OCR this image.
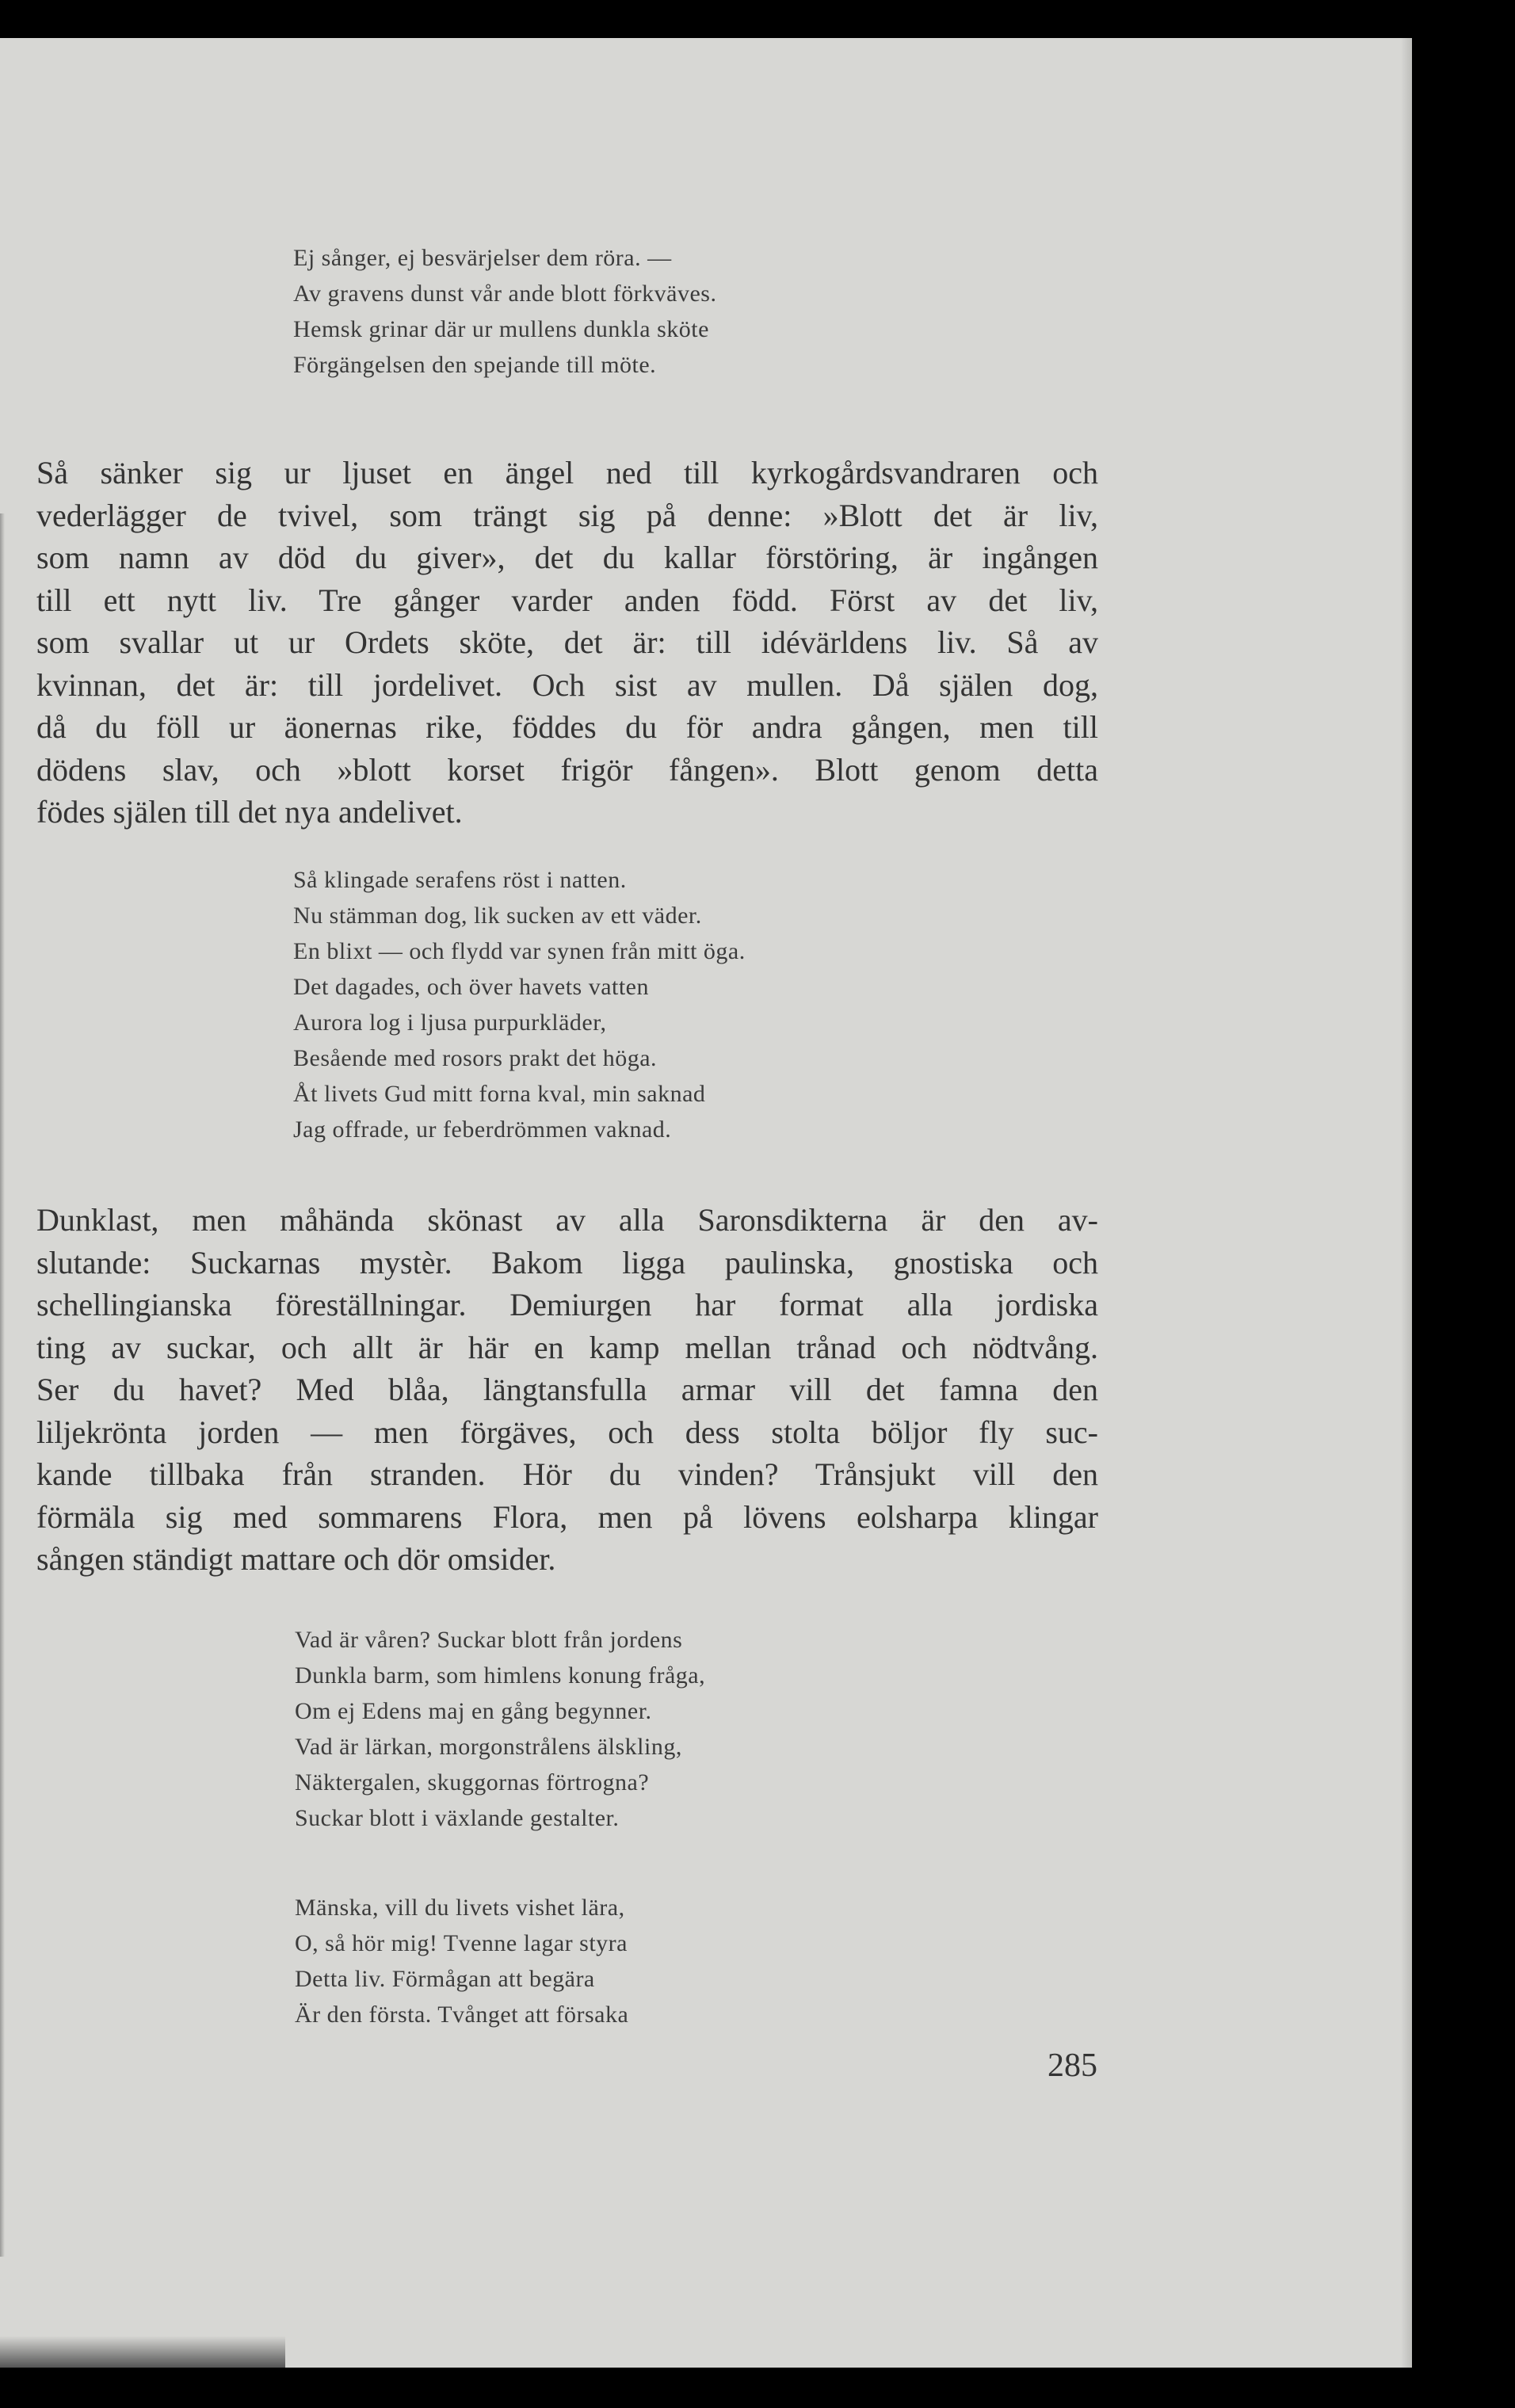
Ej sånger, ej besvärjelser dem röra. —
Av gravens dunst vår ande blott förkväves.
Hemsk grinar där ur mullens dunkla sköte
Förgängelsen den spejande till möte.
Så sänker sig ur ljuset en ängel ned till kyrkogårdsvandraren och
vederlägger de tvivel, som trängt sig på denne: »Blott det är liv,
som namn av död du giver», det du kallar förstöring, är ingången
till ett nytt liv. Tre gånger varder anden född. Först av det liv,
som svallar ut ur Ordets sköte, det är: till idévärldens liv. Så av
kvinnan, det är: till jordelivet. Och sist av mullen. Då själen dog,
då du föll ur äonernas rike, föddes du för andra gången, men till
dödens slav, och »blott korset frigör fången». Blott genom detta
födes själen till det nya andelivet.
Så klingade serafens röst i natten.
Nu stämman dog, lik sucken av ett väder.
En blixt — och flydd var synen från mitt öga.
Det dagades, och över havets vatten
Aurora log i ljusa purpurkläder,
Besående med rosors prakt det höga.
Åt livets Gud mitt forna kval, min saknad
Jag offrade, ur feberdrömmen vaknad.
Dunklast, men måhända skönast av alla Saronsdikterna är den av-
slutande: Suckarnas mystèr. Bakom ligga paulinska, gnostiska och
schellingianska föreställningar. Demiurgen har format alla jordiska
ting av suckar, och allt är här en kamp mellan trånad och nödtvång.
Ser du havet? Med blåa, längtansfulla armar vill det famna den
liljekrönta jorden — men förgäves, och dess stolta böljor fly suc-
kande tillbaka från stranden. Hör du vinden? Trånsjukt vill den
förmäla sig med sommarens Flora, men på lövens eolsharpa klingar
sången ständigt mattare och dör omsider.
Vad är våren? Suckar blott från jordens
Dunkla barm, som himlens konung fråga,
Om ej Edens maj en gång begynner.
Vad är lärkan, morgonstrålens älskling,
Näktergalen, skuggornas förtrogna?
Suckar blott i växlande gestalter.
Mänska, vill du livets vishet lära,
O, så hör mig! Tvenne lagar styra
Detta liv. Förmågan att begära
Är den första. Tvånget att försaka
285
